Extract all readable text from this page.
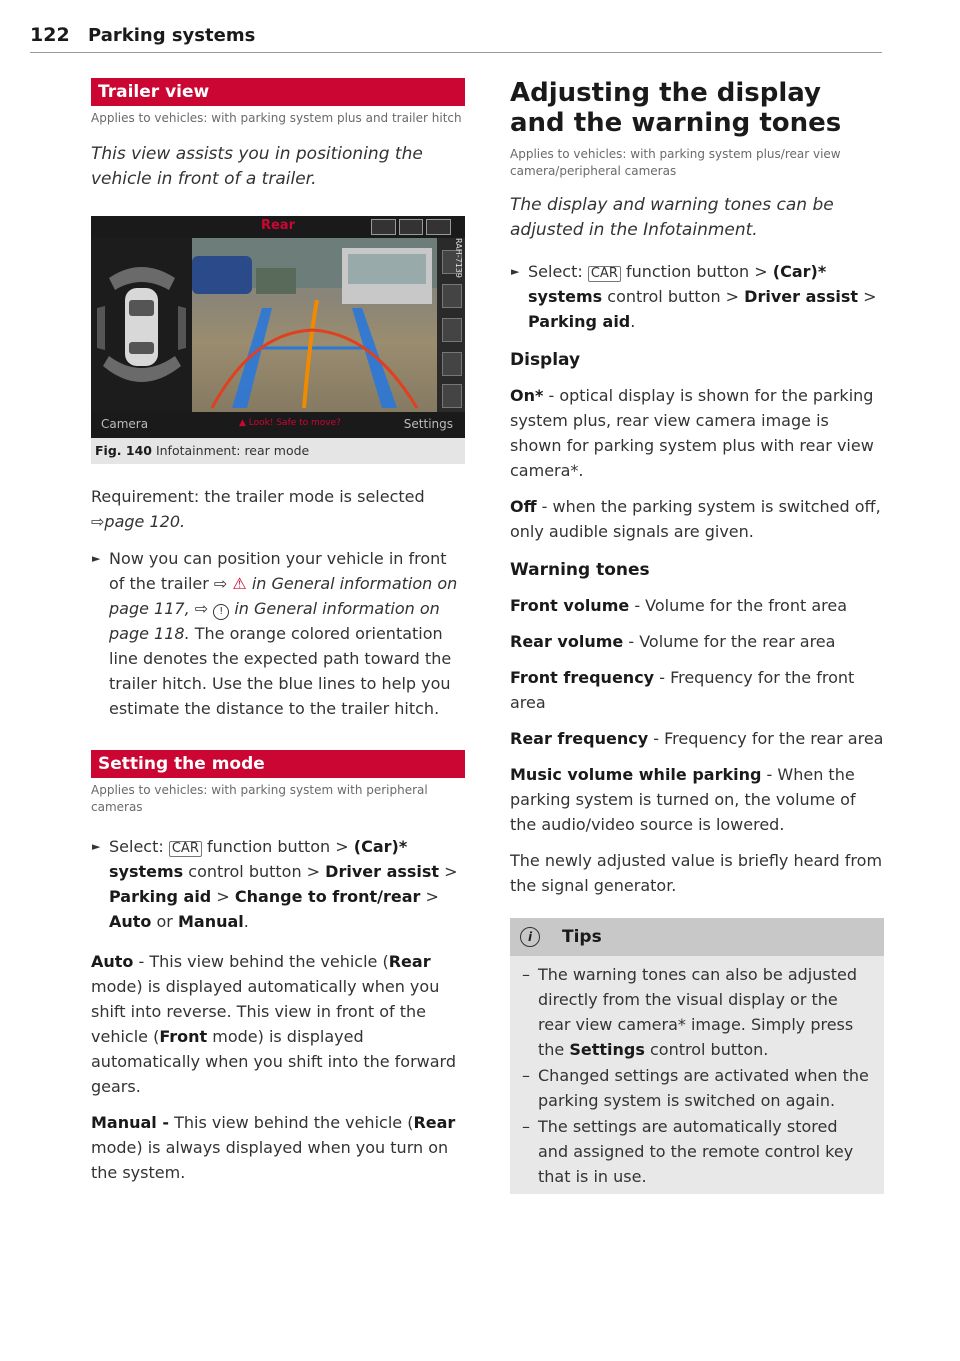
122 Parking systems
Trailer view
Applies to vehicles: with parking system plus and trailer hitch
This view assists you in positioning the vehicle in front of a trailer.
Rear
RAH-7139
Camera	▲ Look! Safe to move?	Settings
Fig. 140 Infotainment: rear mode

Requirement: the trailer mode is selected ⇨page 120.

► Now you can position your vehicle in front of the trailer ⇨ ⚠ in General information on page 117, ⇨ ! in General information on page 118. The orange colored orientation line denotes the expected path toward the trailer hitch. Use the blue lines to help you estimate the distance to the trailer hitch.

Setting the mode
Applies to vehicles: with parking system with peripheral cameras

► Select: CAR function button > (Car)* systems control button > Driver assist > Parking aid > Change to front/rear > Auto or Manual.

Auto - This view behind the vehicle (Rear mode) is displayed automatically when you shift into reverse. This view in front of the vehicle (Front mode) is displayed automatically when you shift into the forward gears.

Manual - This view behind the vehicle (Rear mode) is always displayed when you turn on the system.

Adjusting the display
and the warning tones
Applies to vehicles: with parking system plus/rear view camera/peripheral cameras
The display and warning tones can be adjusted in the Infotainment.

► Select: CAR function button > (Car)* systems control button > Driver assist > Parking aid.

Display

On* - optical display is shown for the parking system plus, rear view camera image is shown for parking system plus with rear view camera*.

Off - when the parking system is switched off, only audible signals are given.

Warning tones

Front volume - Volume for the front area

Rear volume - Volume for the rear area

Front frequency - Frequency for the front area

Rear frequency - Frequency for the rear area

Music volume while parking - When the parking system is turned on, the volume of the audio/video source is lowered.

The newly adjusted value is briefly heard from the signal generator.

i	Tips
– The warning tones can also be adjusted directly from the visual display or the rear view camera* image. Simply press the Settings control button.
– Changed settings are activated when the parking system is switched on again.
– The settings are automatically stored and assigned to the remote control key that is in use.
